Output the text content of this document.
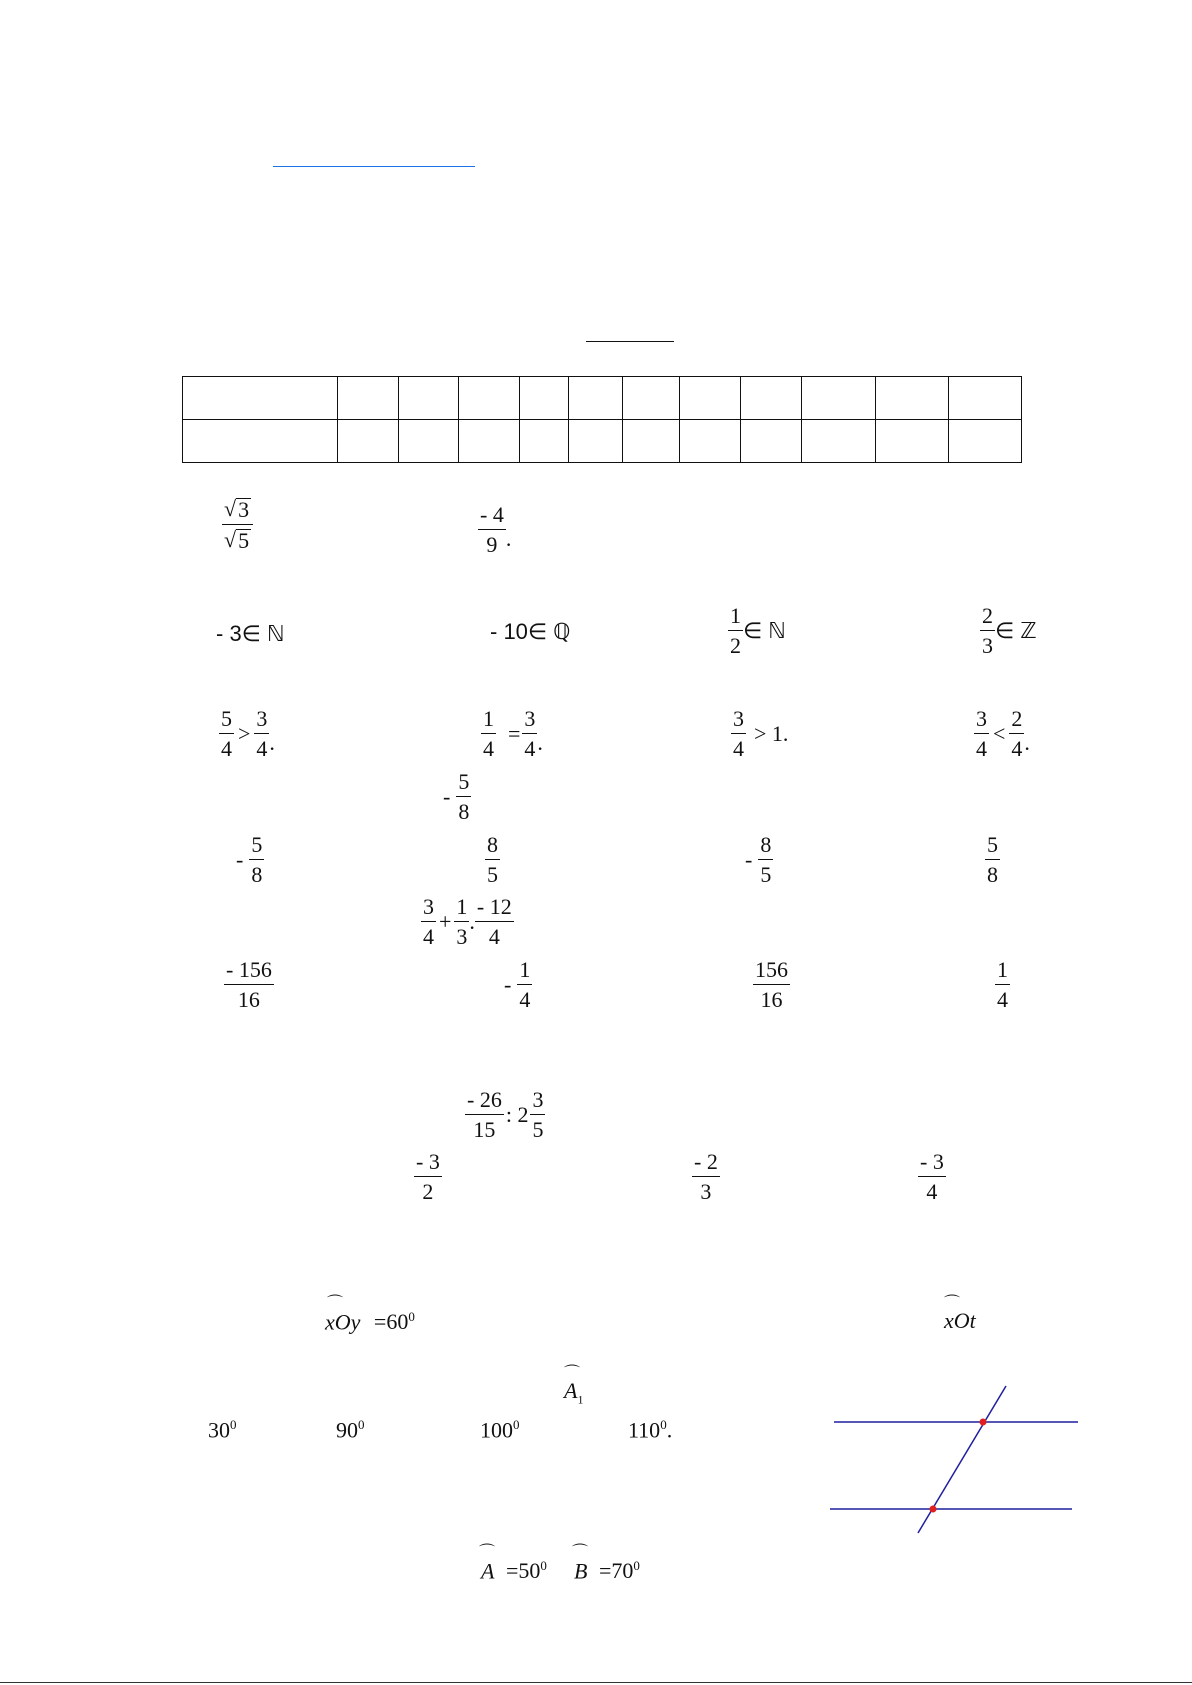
$\frac{√ 3}{√ 5}$	$\frac{- 4}{9}$ .
- 3∈ ℕ	- 10∈ ℚ	$\frac{1}{2}$ ∈ ℕ	$\frac{2}{3}$ ∈ ℤ
$\frac{5}{4} > \frac{3}{4}$ .	$\frac{1}{4} = \frac{3}{4}$ .	$\frac{3}{4} > 1$.	$\frac{3}{4} < \frac{2}{4}$ .
- $\frac{5}{8}$
- $\frac{5}{8}$	$\frac{8}{5}$	- $\frac{8}{5}$	$\frac{5}{8}$
$\frac{3}{4} + \frac{1}{3}$ . $\frac{- 12}{4}$
$\frac{- 156}{16}$	- $\frac{1}{4}$	$\frac{156}{16}$	$\frac{1}{4}$
$\frac{- 26}{15}$ : $2 \frac{3}{5}$
$\frac{- 3}{2}$	$\frac{- 2}{3}$	$\frac{- 3}{4}$
⌒
xOy $=60^0$
⌒
xOt
⌒
$A_1$
$30^0$	$90^0$	$100^0$	$110^0$.
⌒
$A =50^0$
⌒
$B =70^0$
